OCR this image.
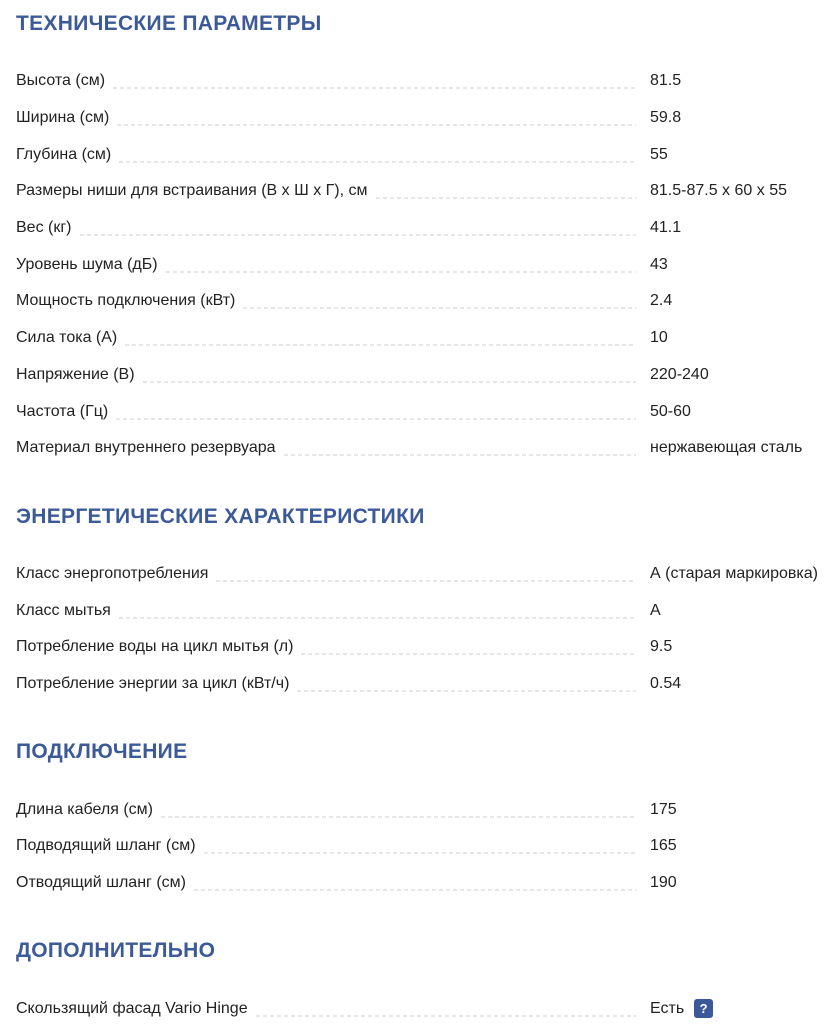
ТЕХНИЧЕСКИЕ ПАРАМЕТРЫ
Высота (см)	81.5
Ширина (см)	59.8
Глубина (см)	55
Размеры ниши для встраивания (В х Ш х Г), см	81.5-87.5 x 60 x 55
Вес (кг)	41.1
Уровень шума (дБ)	43
Мощность подключения (кВт)	2.4
Сила тока (А)	10
Напряжение (В)	220-240
Частота (Гц)	50-60
Материал внутреннего резервуара	нержавеющая сталь
ЭНЕРГЕТИЧЕСКИЕ ХАРАКТЕРИСТИКИ
Класс энергопотребления	А (старая маркировка)
Класс мытья	А
Потребление воды на цикл мытья (л)	9.5
Потребление энергии за цикл (кВт/ч)	0.54
ПОДКЛЮЧЕНИЕ
Длина кабеля (см)	175
Подводящий шланг (см)	165
Отводящий шланг (см)	190
ДОПОЛНИТЕЛЬНО
Скользящий фасад Vario Hinge	Есть	?
